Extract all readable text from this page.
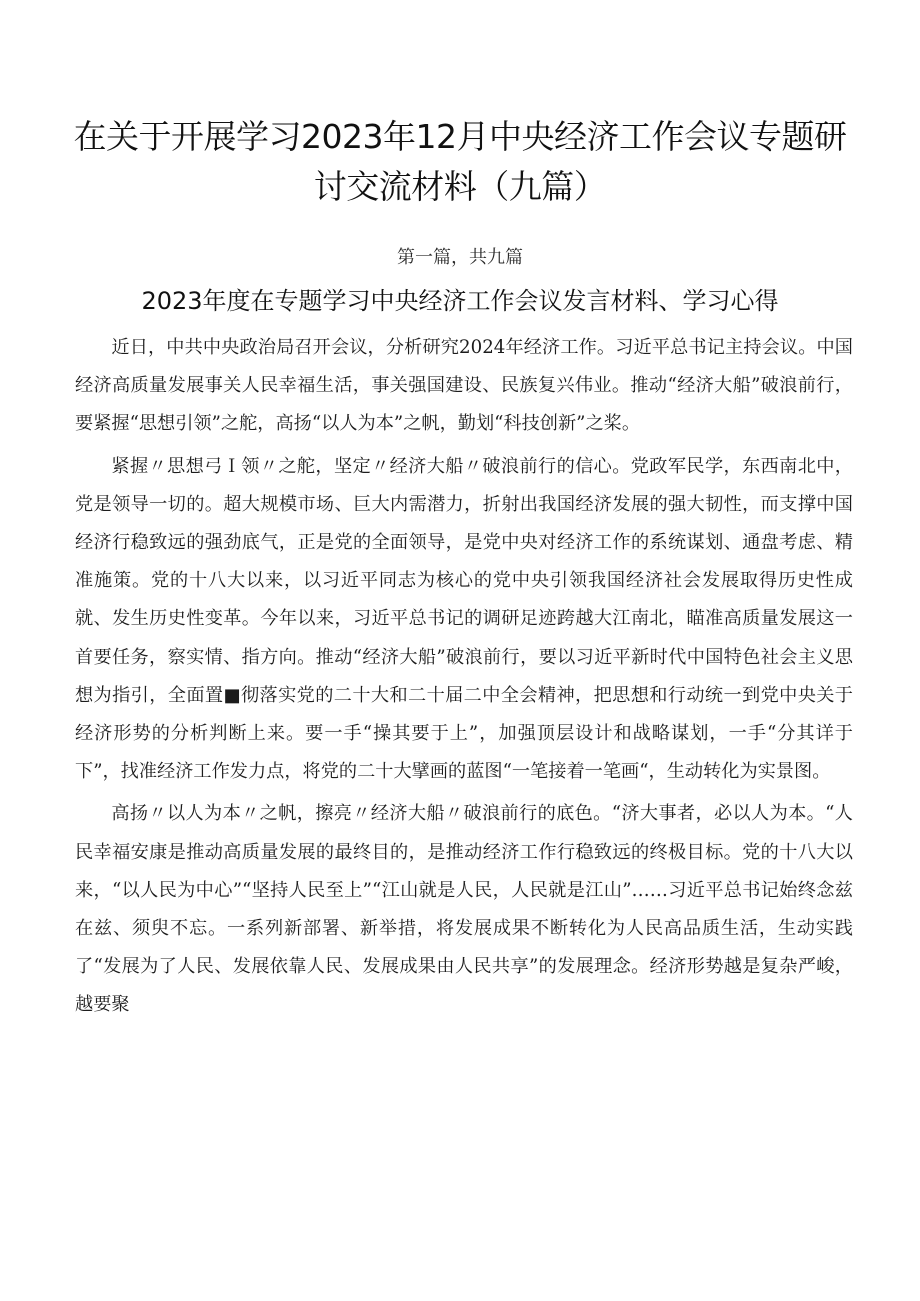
在关于开展学习2023年12月中央经济工作会议专题研讨交流材料（九篇）
第一篇，共九篇
2023年度在专题学习中央经济工作会议发言材料、学习心得

近日，中共中央政治局召开会议，分析研究2024年经济工作。习近平总书记主持会议。中国经济高质量发展事关人民幸福生活，事关强国建设、民族复兴伟业。推动“经济大船”破浪前行，要紧握“思想引领”之舵，高扬“以人为本”之帆，勤划“科技创新”之桨。

紧握〃思想弓Ｉ领〃之舵，坚定〃经济大船〃破浪前行的信心。党政军民学，东西南北中，党是领导一切的。超大规模市场、巨大内需潜力，折射出我国经济发展的强大韧性，而支撑中国经济行稳致远的强劲底气，正是党的全面领导，是党中央对经济工作的系统谋划、通盘考虑、精准施策。党的十八大以来，以习近平同志为核心的党中央引领我国经济社会发展取得历史性成就、发生历史性变革。今年以来，习近平总书记的调研足迹跨越大江南北，瞄准高质量发展这一首要任务，察实情、指方向。推动“经济大船”破浪前行，要以习近平新时代中国特色社会主义思想为指引，全面置■彻落实党的二十大和二十届二中全会精神，把思想和行动统一到党中央关于经济形势的分析判断上来。要一手“操其要于上”，加强顶层设计和战略谋划，一手“分其详于下”，找准经济工作发力点，将党的二十大擘画的蓝图“一笔接着一笔画“，生动转化为实景图。

高扬〃以人为本〃之帆，擦亮〃经济大船〃破浪前行的底色。“济大事者，必以人为本。“人民幸福安康是推动高质量发展的最终目的，是推动经济工作行稳致远的终极目标。党的十八大以来，“以人民为中心”“坚持人民至上”“江山就是人民，人民就是江山”……习近平总书记始终念兹在兹、须臾不忘。一系列新部署、新举措，将发展成果不断转化为人民高品质生活，生动实践了“发展为了人民、发展依靠人民、发展成果由人民共享”的发展理念。经济形势越是复杂严峻，越要聚
